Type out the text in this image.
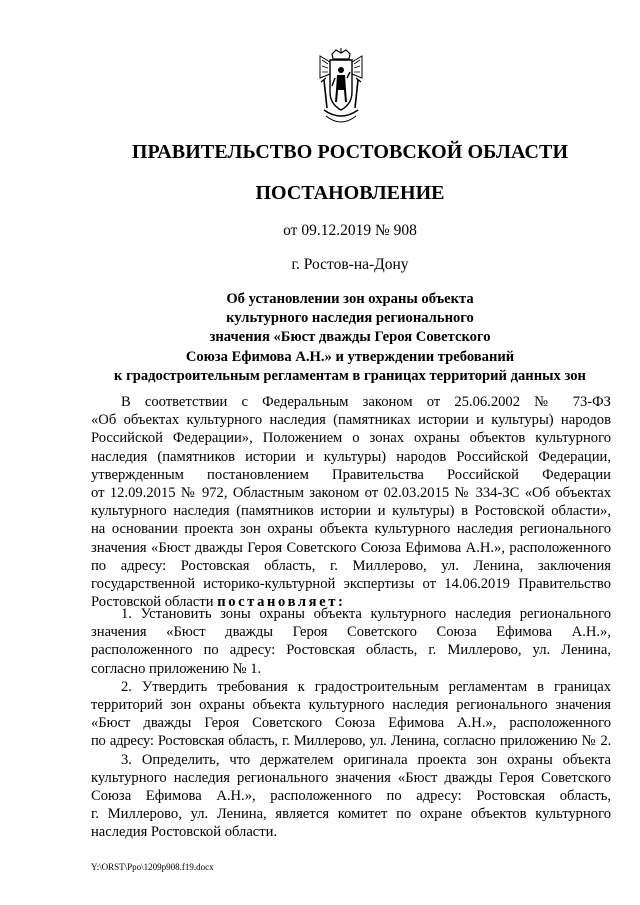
ПРАВИТЕЛЬСТВО РОСТОВСКОЙ ОБЛАСТИ
ПОСТАНОВЛЕНИЕ
от 09.12.2019 № 908
г. Ростов-на-Дону
Об установлении зон охраны объекта
культурного наследия регионального
значения «Бюст дважды Героя Советского
Союза Ефимова А.Н.» и утверждении требований
к градостроительным регламентам в границах территорий данных зон
В соответствии с Федеральным законом от 25.06.2002 № 73-ФЗ
«Об объектах культурного наследия (памятниках истории и культуры) народов
Российской Федерации», Положением о зонах охраны объектов культурного
наследия (памятников истории и культуры) народов Российской Федерации,
утвержденным постановлением Правительства Российской Федерации
от 12.09.2015 № 972, Областным законом от 02.03.2015 № 334-ЗС «Об объектах
культурного наследия (памятников истории и культуры) в Ростовской области»,
на основании проекта зон охраны объекта культурного наследия регионального
значения «Бюст дважды Героя Советского Союза Ефимова А.Н.», расположенного
по адресу: Ростовская область, г. Миллерово, ул. Ленина, заключения
государственной историко-культурной экспертизы от 14.06.2019 Правительство
Ростовской области постановляет:
1. Установить зоны охраны объекта культурного наследия регионального
значения «Бюст дважды Героя Советского Союза Ефимова А.Н.»,
расположенного по адресу: Ростовская область, г. Миллерово, ул. Ленина,
согласно приложению № 1.
2. Утвердить требования к градостроительным регламентам в границах
территорий зон охраны объекта культурного наследия регионального значения
«Бюст дважды Героя Советского Союза Ефимова А.Н.», расположенного
по адресу: Ростовская область, г. Миллерово, ул. Ленина, согласно приложению № 2.
3. Определить, что держателем оригинала проекта зон охраны объекта
культурного наследия регионального значения «Бюст дважды Героя Советского
Союза Ефимова А.Н.», расположенного по адресу: Ростовская область,
г. Миллерово, ул. Ленина, является комитет по охране объектов культурного
наследия Ростовской области.
Y:\ORST\Ppo\1209p908.f19.docx
